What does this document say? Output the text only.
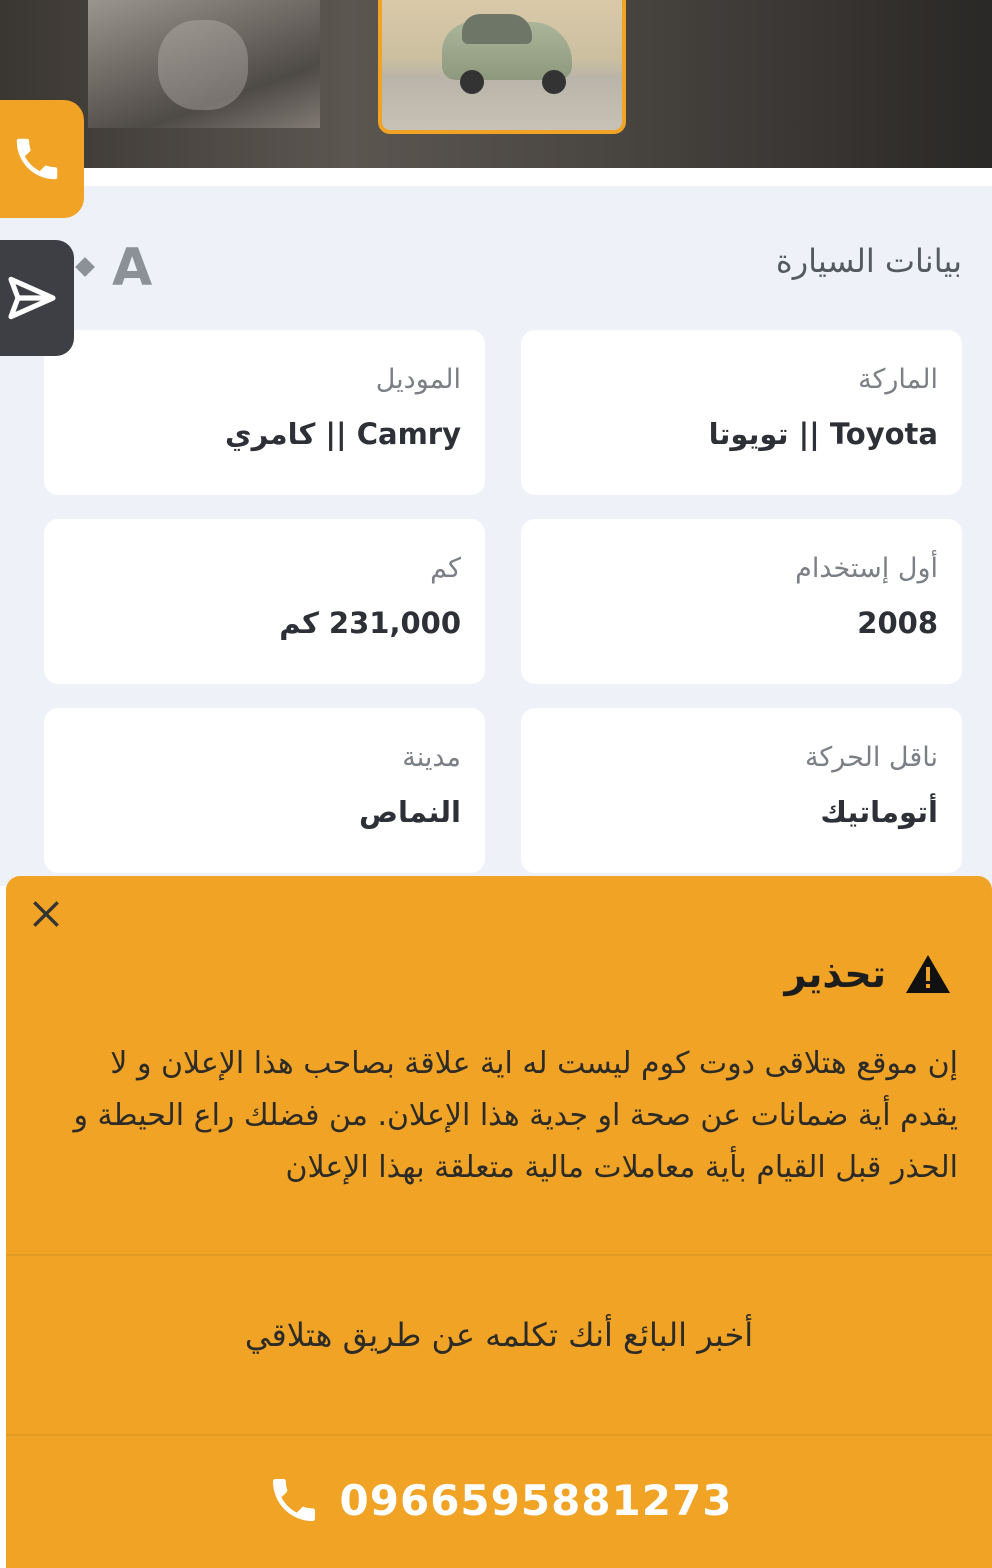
بيانات السيارة
A
الماركة
Toyota || تويوتا
الموديل
Camry || كامري
أول إستخدام
2008
كم
231,000 كم
ناقل الحركة
أتوماتيك
مدينة
النماص
تحذير
إن موقع هتلاقى دوت كوم ليست له اية علاقة بصاحب هذا الإعلان و لا يقدم أية ضمانات عن صحة او جدية هذا الإعلان. من فضلك راع الحيطة و الحذر قبل القيام بأية معاملات مالية متعلقة بهذا الإعلان
أخبر البائع أنك تكلمه عن طريق هتلاقي
0966595881273
